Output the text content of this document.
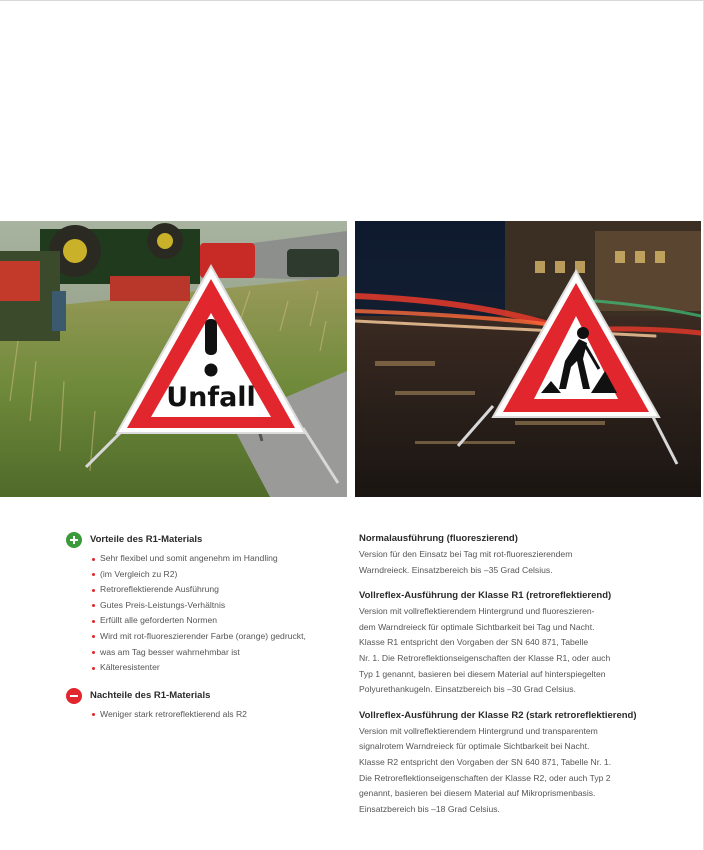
Unfall
Vorteile des R1-Materials
Sehr flexibel und somit angenehm im Handling
(im Vergleich zu R2)
Retroreflektierende Ausführung
Gutes Preis-Leistungs-Verhältnis
Erfüllt alle geforderten Normen
Wird mit rot-fluoreszierender Farbe (orange) gedruckt,
was am Tag besser wahrnehmbar ist
Kälteresistenter
Nachteile des R1-Materials
Weniger stark retroreflektierend als R2
Normalausführung (fluoreszierend)

Version für den Einsatz bei Tag mit rot-fluoreszierendem

Warndreieck. Einsatzbereich bis –35 Grad Celsius.

Vollreflex-Ausführung der Klasse R1 (retroreflektierend)

Version mit vollreflektierendem Hintergrund und fluoreszieren-

dem Warndreieck für optimale Sichtbarkeit bei Tag und Nacht.

Klasse R1 entspricht den Vorgaben der SN 640 871, Tabelle

Nr. 1. Die Retroreflektionseigenschaften der Klasse R1, oder auch

Typ 1 genannt, basieren bei diesem Material auf hinterspiegelten

Polyurethankugeln. Einsatzbereich bis –30 Grad Celsius.

Vollreflex-Ausführung der Klasse R2 (stark retroreflektierend)

Version mit vollreflektierendem Hintergrund und transparentem

signalrotem Warndreieck für optimale Sichtbarkeit bei Nacht.

Klasse R2 entspricht den Vorgaben der SN 640 871, Tabelle Nr. 1.

Die Retroreflektionseigenschaften der Klasse R2, oder auch Typ 2

genannt, basieren bei diesem Material auf Mikroprismenbasis.

Einsatzbereich bis –18 Grad Celsius.
